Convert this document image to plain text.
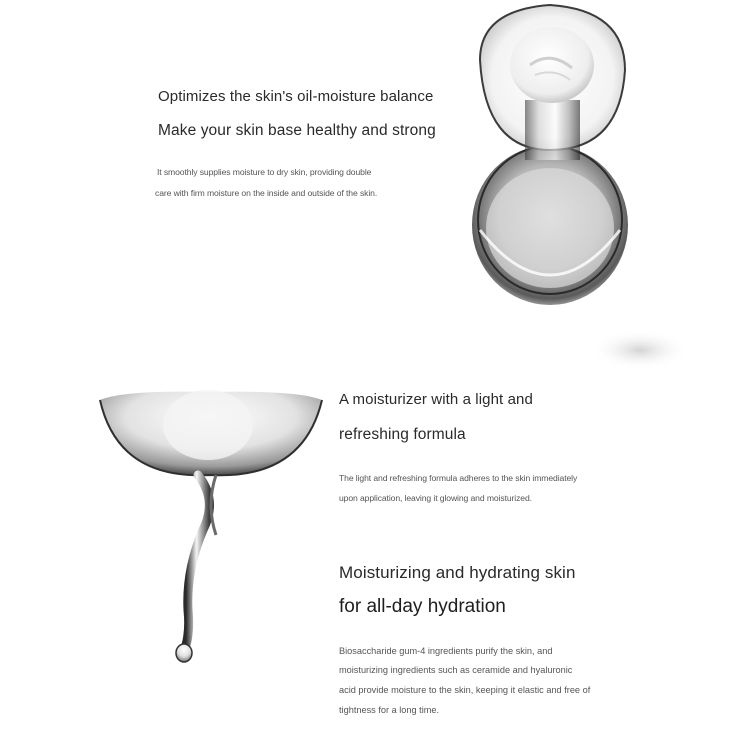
Optimizes the skin's oil-moisture balance
Make your skin base healthy and strong
It smoothly supplies moisture to dry skin, providing double
care with firm moisture on the inside and outside of the skin.
A moisturizer with a light and
refreshing formula
The light and refreshing formula adheres to the skin immediately
upon application, leaving it glowing and moisturized.
Moisturizing and hydrating skin
for all-day hydration
Biosaccharide gum-4 ingredients purify the skin, and
moisturizing ingredients such as ceramide and hyaluronic
acid provide moisture to the skin, keeping it elastic and free of
tightness for a long time.
